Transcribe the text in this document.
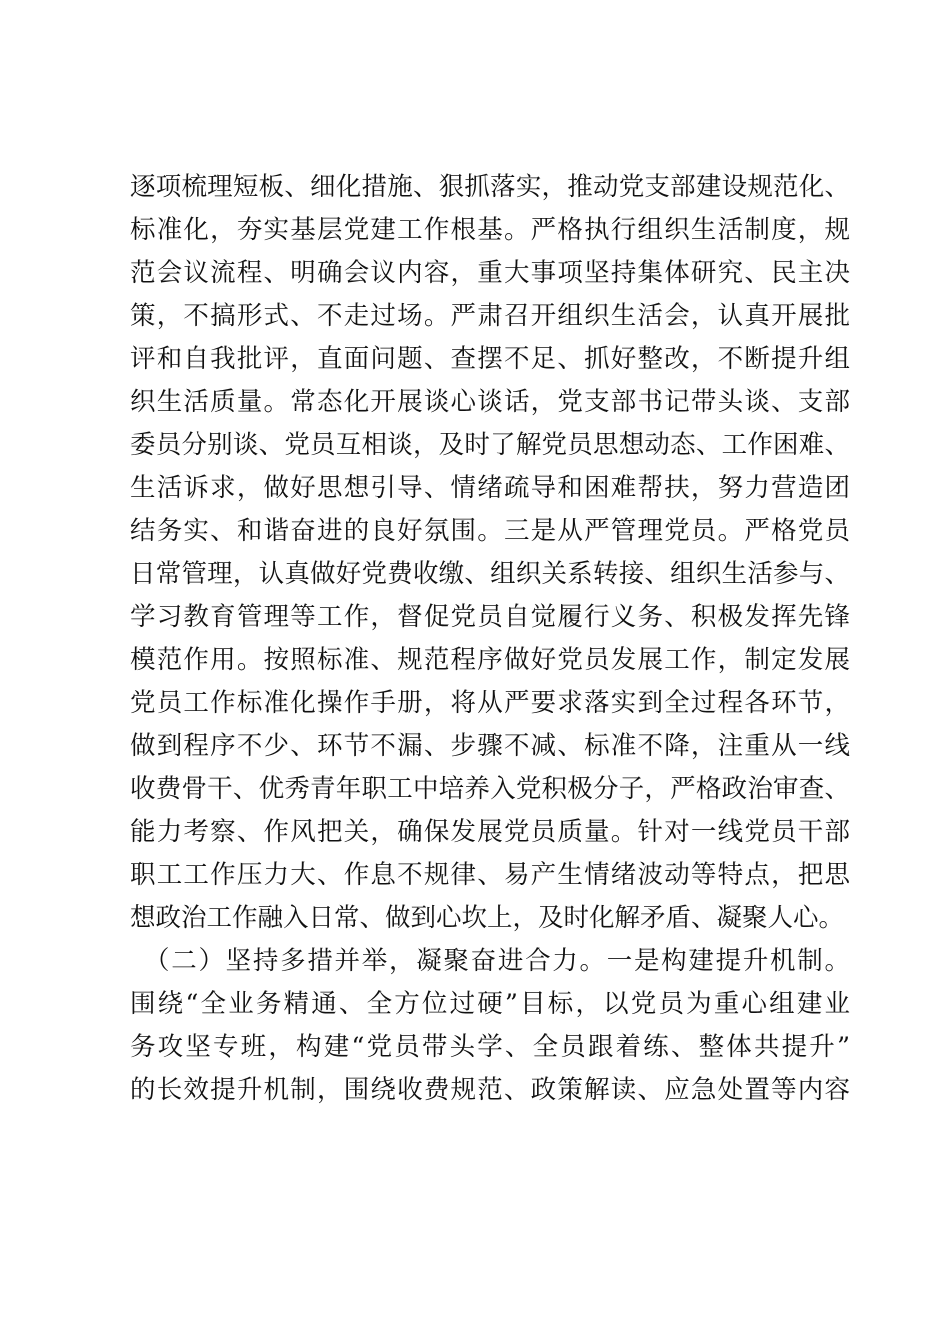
逐项梳理短板、细化措施、狠抓落实，推动党支部建设规范化、
标准化，夯实基层党建工作根基。严格执行组织生活制度，规
范会议流程、明确会议内容，重大事项坚持集体研究、民主决
策，不搞形式、不走过场。严肃召开组织生活会，认真开展批
评和自我批评，直面问题、查摆不足、抓好整改，不断提升组
织生活质量。常态化开展谈心谈话，党支部书记带头谈、支部
委员分别谈、党员互相谈，及时了解党员思想动态、工作困难、
生活诉求，做好思想引导、情绪疏导和困难帮扶，努力营造团
结务实、和谐奋进的良好氛围。三是从严管理党员。严格党员
日常管理，认真做好党费收缴、组织关系转接、组织生活参与、
学习教育管理等工作，督促党员自觉履行义务、积极发挥先锋
模范作用。按照标准、规范程序做好党员发展工作，制定发展
党员工作标准化操作手册，将从严要求落实到全过程各环节，
做到程序不少、环节不漏、步骤不减、标准不降，注重从一线
收费骨干、优秀青年职工中培养入党积极分子，严格政治审查、
能力考察、作风把关，确保发展党员质量。针对一线党员干部
职工工作压力大、作息不规律、易产生情绪波动等特点，把思
想政治工作融入日常、做到心坎上，及时化解矛盾、凝聚人心。
（二）坚持多措并举，凝聚奋进合力。一是构建提升机制。
围绕“全业务精通、全方位过硬”目标，以党员为重心组建业
务攻坚专班，构建“党员带头学、全员跟着练、整体共提升”
的长效提升机制，围绕收费规范、政策解读、应急处置等内容
